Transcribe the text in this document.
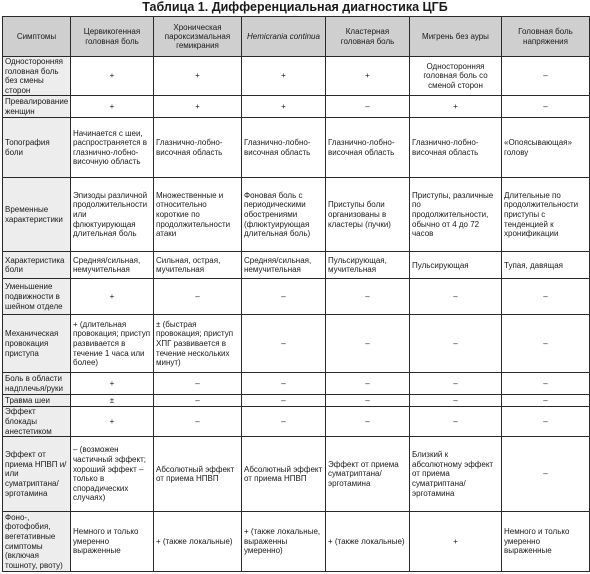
Таблица 1. Дифференциальная диагностика ЦГБ
Симптомы	Цервикогенная головная боль	Хроническая пароксизмальная гемикрания	Hemicrania continua	Кластерная головная боль	Мигрень без ауры	Головная боль напряжения
Односторонняя головная боль без смены сторон	+	+	+	+	Односторонняя головная боль со сменой сторон	–
Превалирование женщин	+	+	+	–	+	–
Топография боли	Начинается с шеи, распространяется в глазнично-лобно-височную область	Глазнично-лобно-височная область	Глазнично-лобно-височная область	Глазнично-лобно-височная область	Глазнично-лобно-височная область	«Опоясывающая» голову
Временные характеристики	Эпизоды различной продолжительности или флюктуирующая длительная боль	Множественные и относительно короткие по продолжительности атаки	Фоновая боль с периодическими обострениями (флюктуирующая длительная боль)	Приступы боли организованы в кластеры (пучки)	Приступы, различные по продолжительности, обычно от 4 до 72 часов	Длительные по продолжительности приступы с тенденцией к хронификации
Характеристика боли	Средняя/сильная, немучительная	Сильная, острая, мучительная	Средняя/сильная, немучительная	Пульсирующая, мучительная	Пульсирующая	Тупая, давящая
Уменьшение подвижности в шейном отделе	+	–	–	–	–	–
Механическая провокация приступа	+ (длительная провокация; приступ развивается в течение 1 часа или более)	± (быстрая провокация; приступ ХПГ развивается в течение нескольких минут)	–	–	–	–
Боль в области надплечья/руки	+	–	–	–	–	–
Травма шеи	±	–	–	–	–	–
Эффект блокады анестетиком	+	–	–	–	–	–
Эффект от приема НПВП и/или суматриптана/эрготамина	– (возможен частичный эффект; хороший эффект – только в спорадических случаях)	Абсолютный эффект от приема НПВП	Абсолютный эффект от приема НПВП	Эффект от приема суматриптана/эрготамина	Близкий к абсолютному эффект от приема суматриптана/эрготамина	–
Фоно-, фотофобия, вегетативные симптомы (включая тошноту, рвоту)	Немного и только умеренно выраженные	+ (также локальные)	+ (также локальные, выраженны умеренно)	+ (также локальные)	+	Немного и только умеренно выраженные
